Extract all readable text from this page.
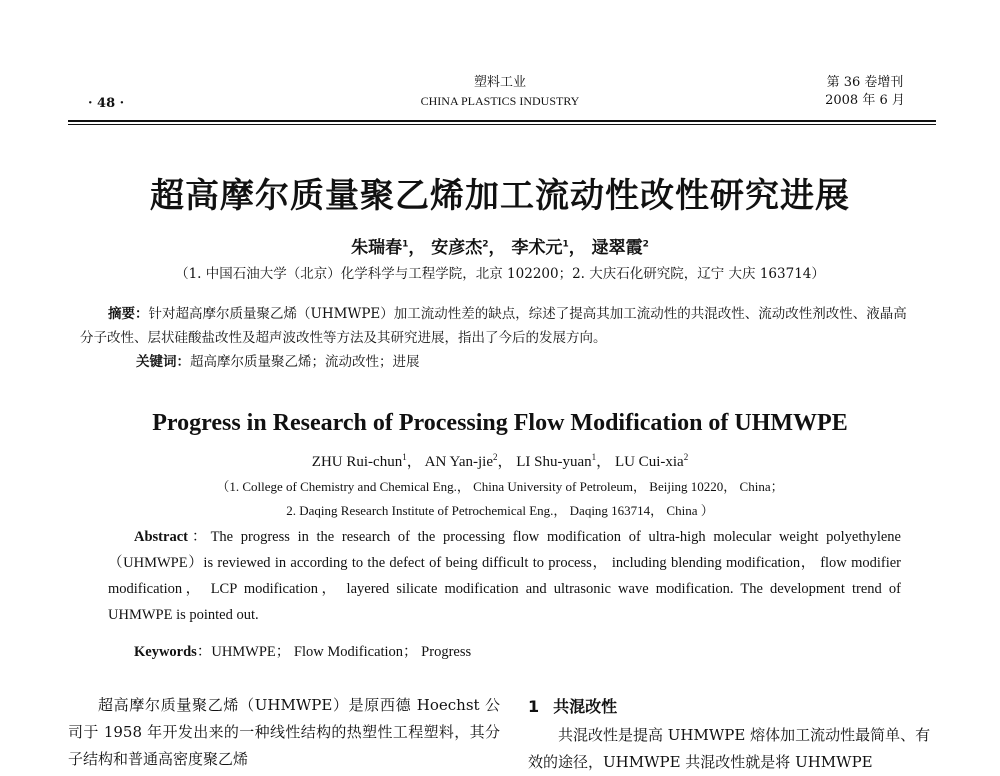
· 48 ·
塑料工业
CHINA PLASTICS INDUSTRY
第 36 卷增刊
2008 年 6 月
超高摩尔质量聚乙烯加工流动性改性研究进展
朱瑞春$^1$， 安彦杰$^2$， 李术元$^1$， 逯翠霞$^2$
（1. 中国石油大学（北京）化学科学与工程学院，北京 102200；2. 大庆石化研究院，辽宁 大庆 163714）

摘要：针对超高摩尔质量聚乙烯（UHMWPE）加工流动性差的缺点，综述了提高其加工流动性的共混改性、流动改性剂改性、液晶高分子改性、层状硅酸盐改性及超声波改性等方法及其研究进展，指出了今后的发展方向。

关键词：超高摩尔质量聚乙烯；流动改性；进展

Progress in Research of Processing Flow Modification of UHMWPE
ZHU Rui-chun$^1$， AN Yan-jie$^2$， LI Shu-yuan$^1$， LU Cui-xia$^2$
（1. College of Chemistry and Chemical Eng.， China University of Petroleum， Beijing 10220， China；
2. Daqing Research Institute of Petrochemical Eng.， Daqing 163714， China ）
Abstract：The progress in the research of the processing flow modification of ultra-high molecular weight polyethylene（UHMWPE）is reviewed in according to the defect of being difficult to process， including blending modification， flow modifier modification， LCP modification， layered silicate modification and ultrasonic wave modification. The development trend of UHMWPE is pointed out.
Keywords：UHMWPE； Flow Modification； Progress

超高摩尔质量聚乙烯（UHMWPE）是原西德 Hoechst 公司于 1958 年开发出来的一种线性结构的热塑性工程塑料，其分子结构和普通高密度聚乙烯

1 共混改性
共混改性是提高 UHMWPE 熔体加工流动性最简单、有效的途径，UHMWPE 共混改性就是将 UHMWPE
